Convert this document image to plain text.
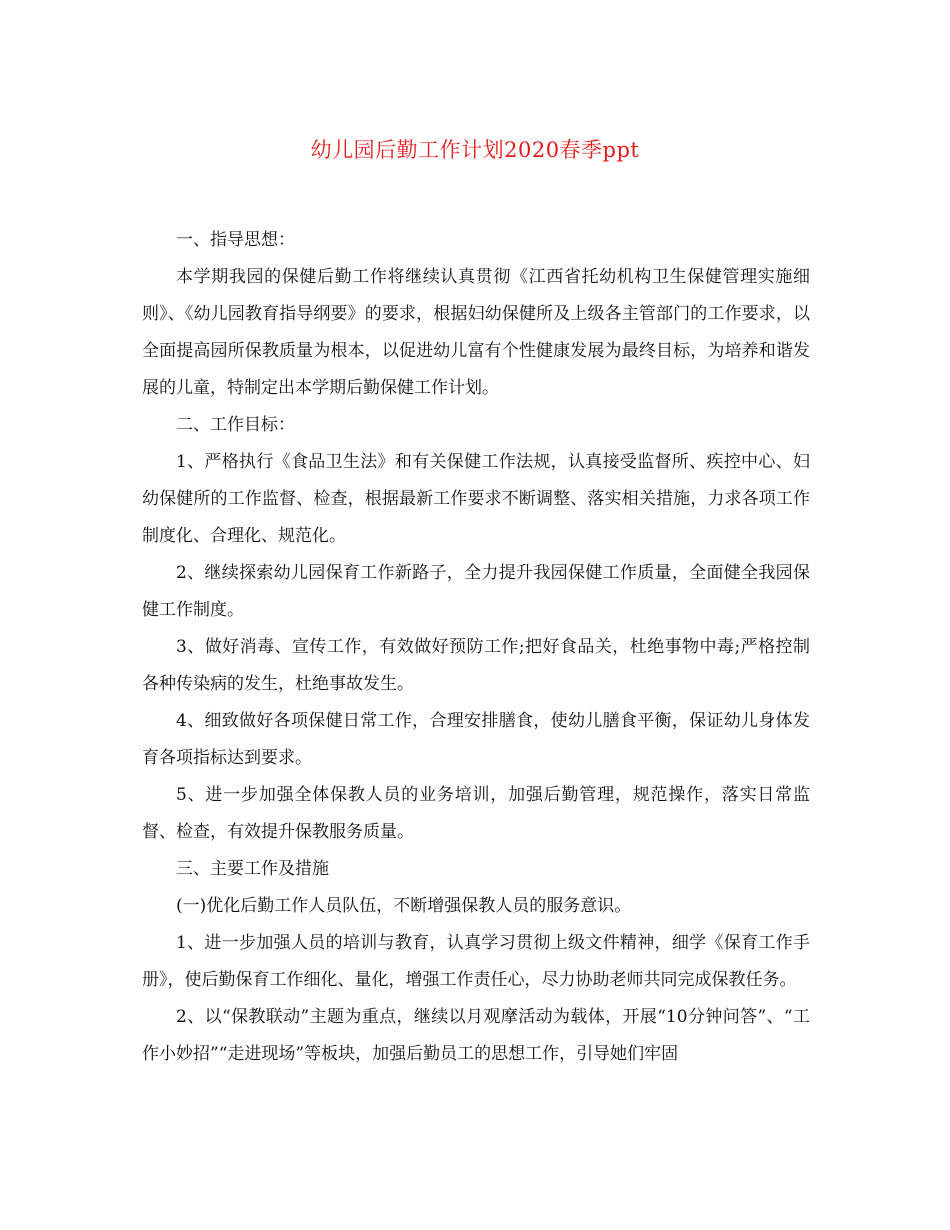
幼儿园后勤工作计划2020春季ppt

一、指导思想：

本学期我园的保健后勤工作将继续认真贯彻《江西省托幼机构卫生保健管理实施细则》、《幼儿园教育指导纲要》的要求，根据妇幼保健所及上级各主管部门的工作要求，以全面提高园所保教质量为根本，以促进幼儿富有个性健康发展为最终目标，为培养和谐发展的儿童，特制定出本学期后勤保健工作计划。

二、工作目标：

1、严格执行《食品卫生法》和有关保健工作法规，认真接受监督所、疾控中心、妇幼保健所的工作监督、检查，根据最新工作要求不断调整、落实相关措施，力求各项工作制度化、合理化、规范化。

2、继续探索幼儿园保育工作新路子，全力提升我园保健工作质量，全面健全我园保健工作制度。

3、做好消毒、宣传工作，有效做好预防工作;把好食品关，杜绝事物中毒;严格控制各种传染病的发生，杜绝事故发生。

4、细致做好各项保健日常工作，合理安排膳食，使幼儿膳食平衡，保证幼儿身体发育各项指标达到要求。

5、进一步加强全体保教人员的业务培训，加强后勤管理，规范操作，落实日常监督、检查，有效提升保教服务质量。

三、主要工作及措施

(一)优化后勤工作人员队伍，不断增强保教人员的服务意识。

1、进一步加强人员的培训与教育，认真学习贯彻上级文件精神，细学《保育工作手册》，使后勤保育工作细化、量化，增强工作责任心，尽力协助老师共同完成保教任务。

2、以“保教联动”主题为重点，继续以月观摩活动为载体，开展“10分钟问答”、“工作小妙招”“走进现场”等板块，加强后勤员工的思想工作，引导她们牢固
